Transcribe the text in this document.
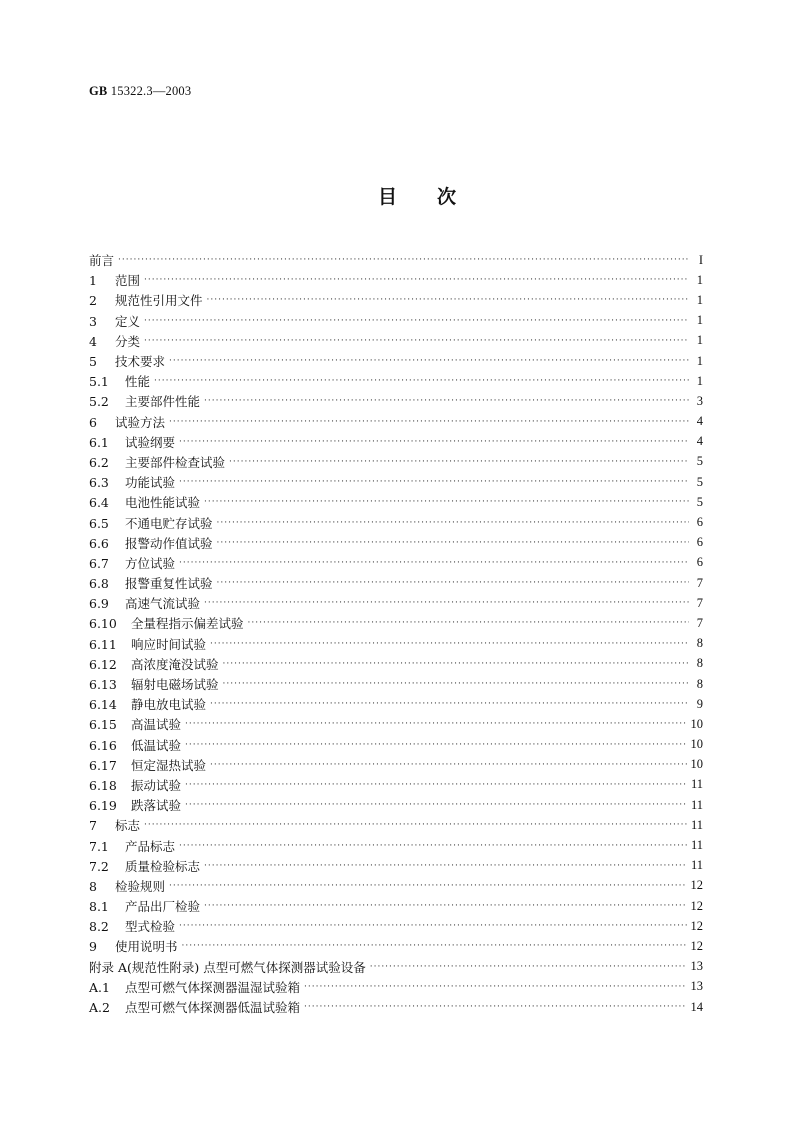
GB 15322.3—2003
目次
前言 ·····	I
1 范围 ·····	1
2 规范性引用文件 ·····	1
3 定义 ·····	1
4 分类 ·····	1
5 技术要求 ·····	1
5.1 性能 ·····	1
5.2 主要部件性能 ·····	3
6 试验方法 ·····	4
6.1 试验纲要 ·····	4
6.2 主要部件检查试验 ·····	5
6.3 功能试验 ·····	5
6.4 电池性能试验 ·····	5
6.5 不通电贮存试验 ·····	6
6.6 报警动作值试验 ·····	6
6.7 方位试验 ·····	6
6.8 报警重复性试验 ·····	7
6.9 高速气流试验 ·····	7
6.10 全量程指示偏差试验 ·····	7
6.11 响应时间试验 ·····	8
6.12 高浓度淹没试验 ·····	8
6.13 辐射电磁场试验 ·····	8
6.14 静电放电试验 ·····	9
6.15 高温试验 ·····	10
6.16 低温试验 ·····	10
6.17 恒定湿热试验 ·····	10
6.18 振动试验 ·····	11
6.19 跌落试验 ·····	11
7 标志 ·····	11
7.1 产品标志 ·····	11
7.2 质量检验标志 ·····	11
8 检验规则 ·····	12
8.1 产品出厂检验 ·····	12
8.2 型式检验 ·····	12
9 使用说明书 ·····	12
附录 A(规范性附录) 点型可燃气体探测器试验设备 ·····	13
A.1 点型可燃气体探测器温湿试验箱 ·····	13
A.2 点型可燃气体探测器低温试验箱 ·····	14
